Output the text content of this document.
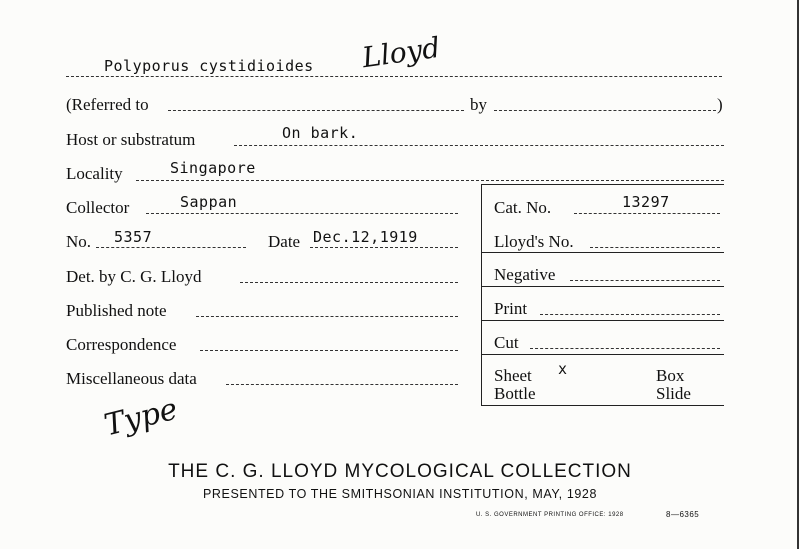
Polyporus cystidioides Lloyd
(Referred to	by	)
Host or substratum	On bark.
Locality	Singapore
Collector	Sappan
No. 5357	Date Dec.12,1919
Det. by C. G. Lloyd
Published note
Correspondence
Miscellaneous data
Type
Cat. No.	13297
Lloyd's No.
Negative
Print
Cut
Sheet x	Box
Bottle	Slide
THE C. G. LLOYD MYCOLOGICAL COLLECTION
PRESENTED TO THE SMITHSONIAN INSTITUTION, MAY, 1928
U. S. GOVERNMENT PRINTING OFFICE: 1928	8—6365
